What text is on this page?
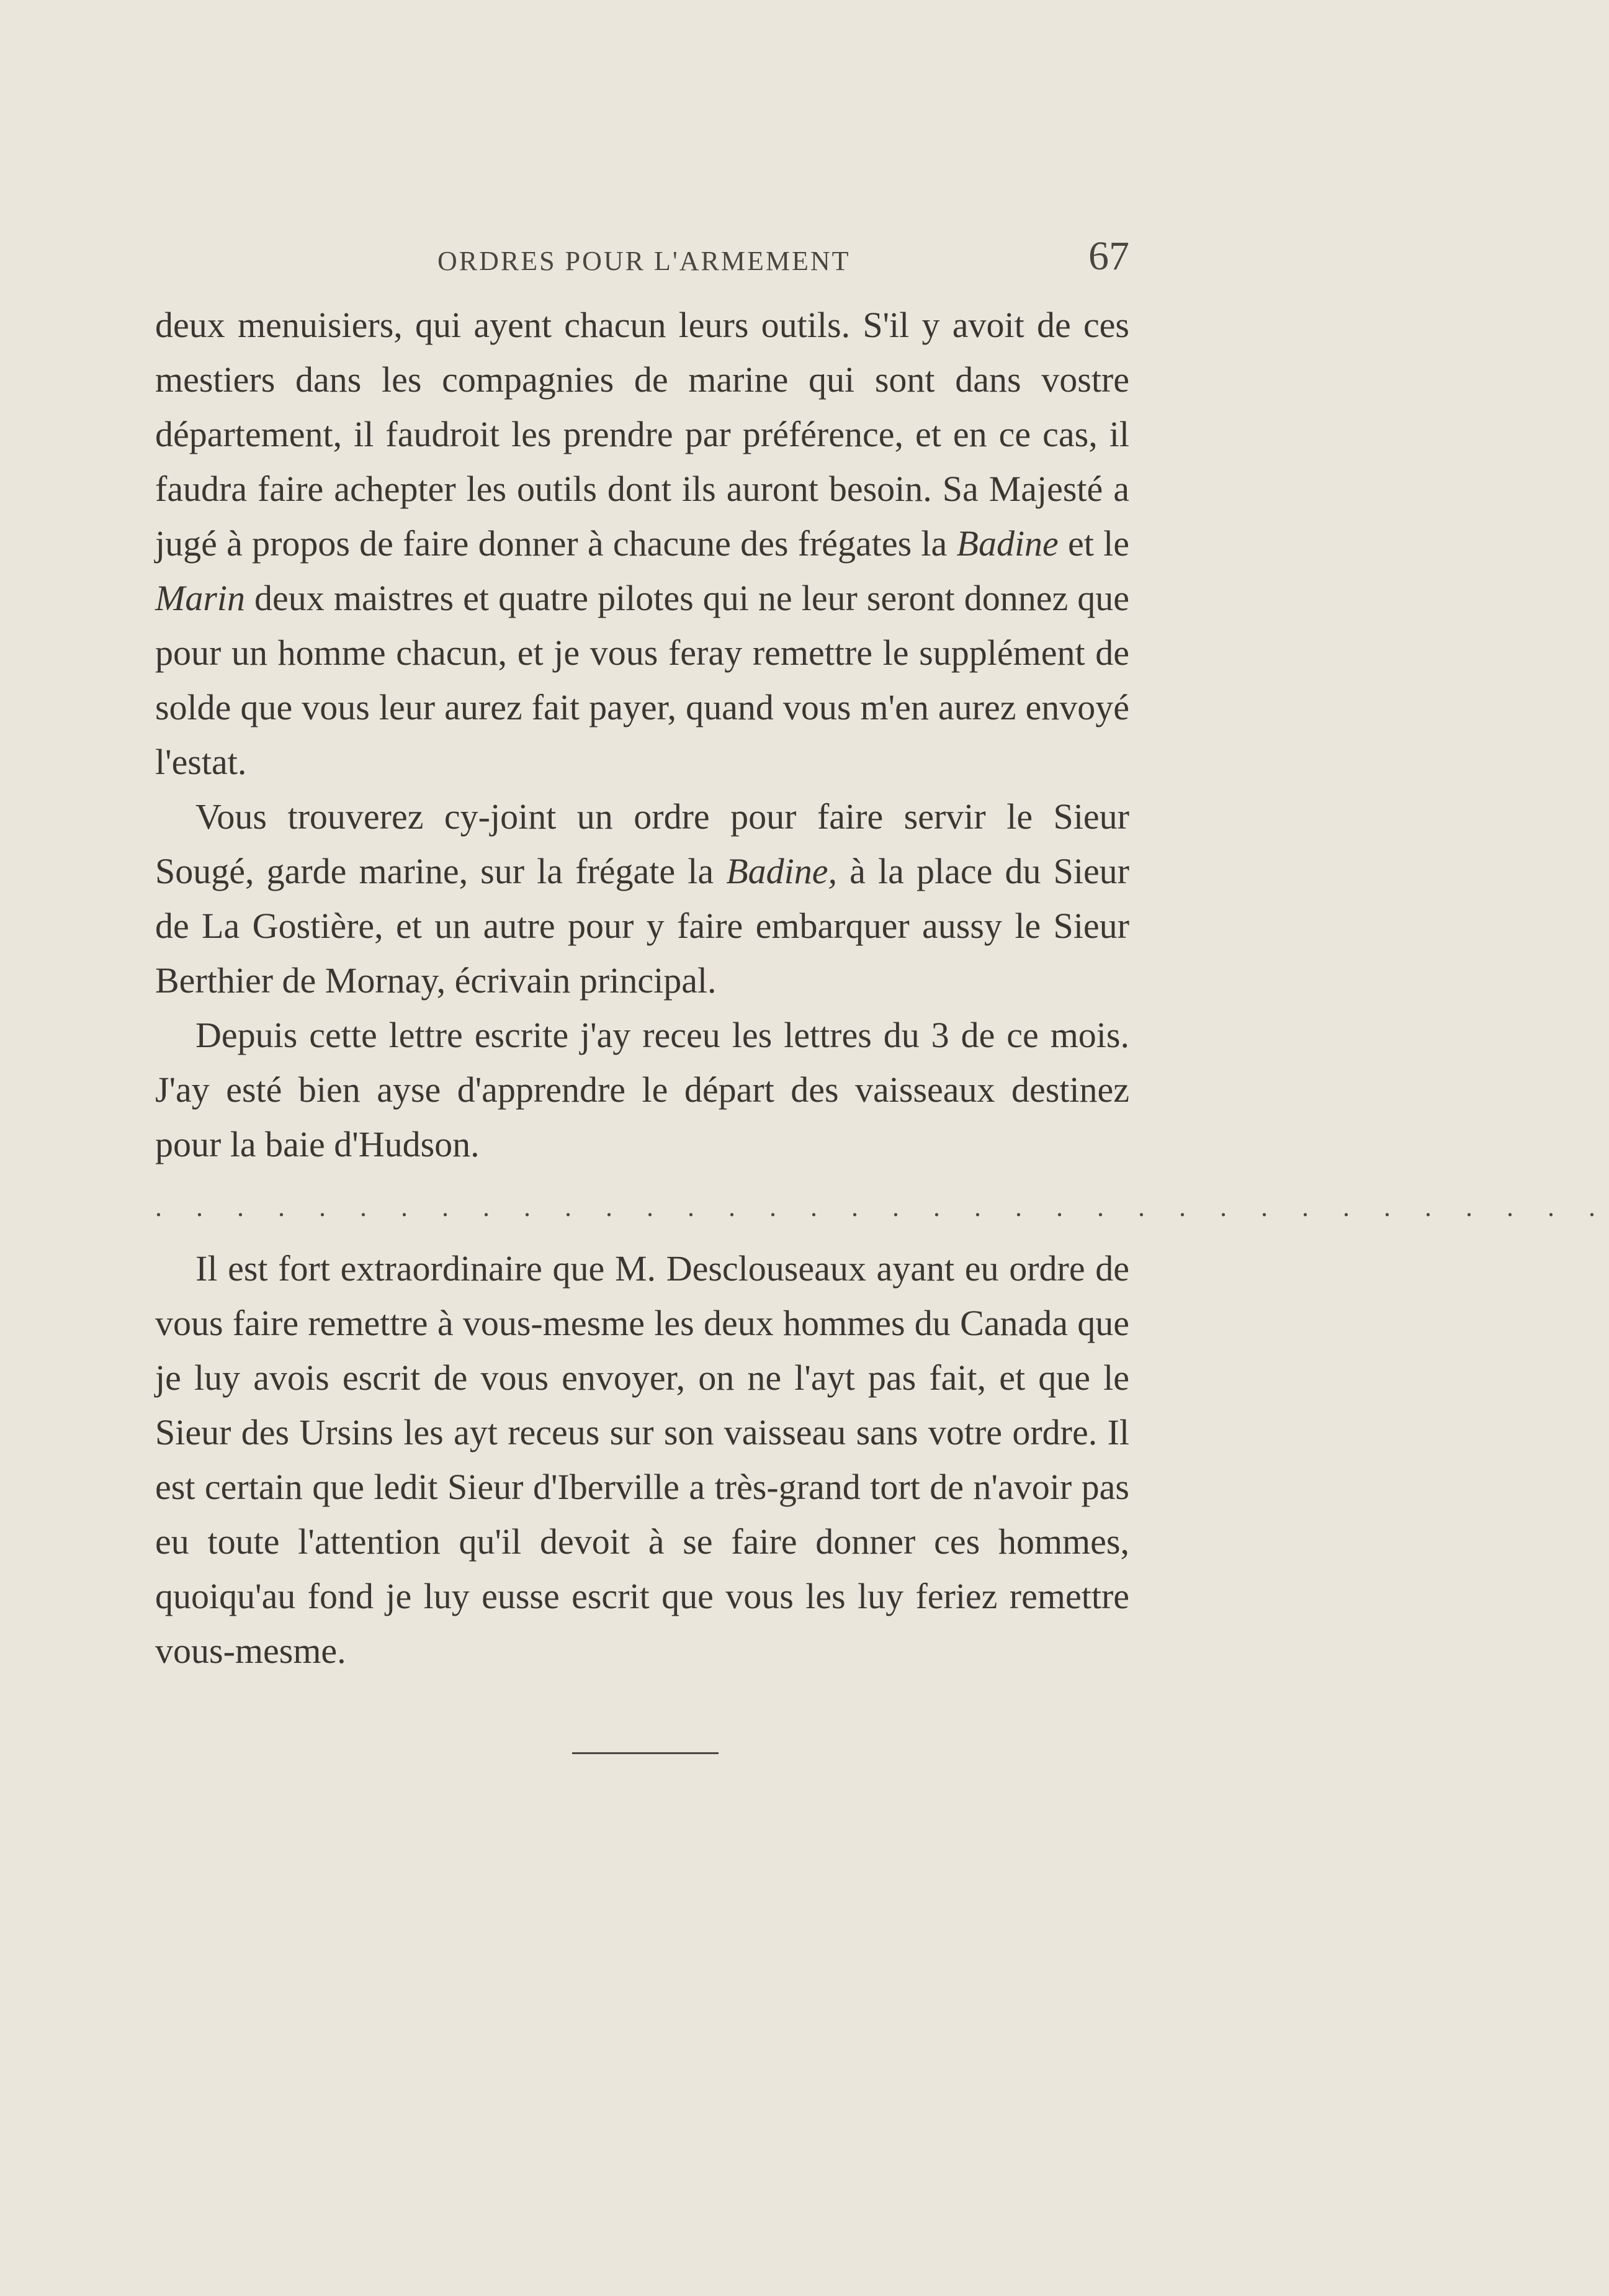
ORDRES POUR L'ARMEMENT	67

deux menuisiers, qui ayent chacun leurs outils. S'il y avoit de ces mestiers dans les compagnies de marine qui sont dans vostre département, il faudroit les prendre par préférence, et en ce cas, il faudra faire achepter les outils dont ils auront besoin. Sa Majesté a jugé à propos de faire donner à chacune des frégates la Badine et le Marin deux maistres et quatre pilotes qui ne leur seront donnez que pour un homme chacun, et je vous feray remettre le supplément de solde que vous leur aurez fait payer, quand vous m'en aurez envoyé l'estat.

Vous trouverez cy-joint un ordre pour faire servir le Sieur Sougé, garde marine, sur la frégate la Badine, à la place du Sieur de La Gostière, et un autre pour y faire embarquer aussy le Sieur Berthier de Mornay, écrivain principal.

Depuis cette lettre escrite j'ay receu les lettres du 3 de ce mois. J'ay esté bien ayse d'apprendre le départ des vaisseaux destinez pour la baie d'Hudson.

. . . . . . . . . . . . . . . . . . . . . . . . . . . . . . . . . . . .

Il est fort extraordinaire que M. Desclouseaux ayant eu ordre de vous faire remettre à vous-mesme les deux hommes du Canada que je luy avois escrit de vous envoyer, on ne l'ayt pas fait, et que le Sieur des Ursins les ayt receus sur son vaisseau sans votre ordre. Il est certain que ledit Sieur d'Iberville a très-grand tort de n'avoir pas eu toute l'attention qu'il devoit à se faire donner ces hommes, quoiqu'au fond je luy eusse escrit que vous les luy feriez remettre vous-mesme.
